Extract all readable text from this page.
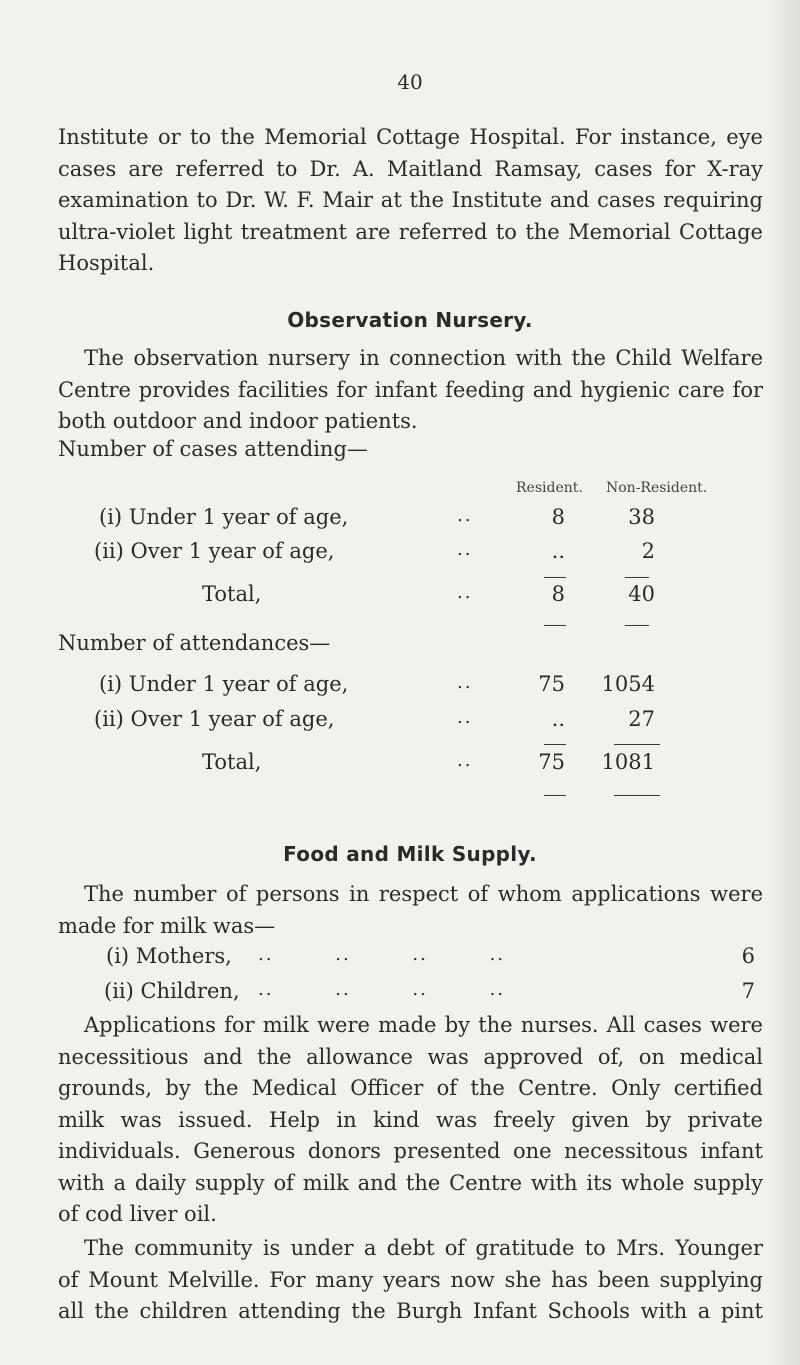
40
Institute or to the Memorial Cottage Hospital. For instance, eye
cases are referred to Dr. A. Maitland Ramsay, cases for X-ray
examination to Dr. W. F. Mair at the Institute and cases requiring
ultra-violet light treatment are referred to the Memorial Cottage
Hospital.
Observation Nursery.
The observation nursery in connection with the Child Welfare
Centre provides facilities for infant feeding and hygienic care for
both outdoor and indoor patients.
Number of cases attending—
Resident. Non-Resident.
(i) Under 1 year of age,	..	8	38
(ii) Over 1 year of age,	..	..	2
Total,	..	8	40
Number of attendances—
(i) Under 1 year of age,	..	75	1054
(ii) Over 1 year of age,	..	..	27
Total,	..	75	1081
Food and Milk Supply.
The number of persons in respect of whom applications were
made for milk was—
(i) Mothers, ..        ..        ..        ..	6
(ii) Children, ..        ..        ..        ..	7
Applications for milk were made by the nurses. All cases were
necessitious and the allowance was approved of, on medical
grounds, by the Medical Officer of the Centre. Only certified
milk was issued. Help in kind was freely given by private
individuals. Generous donors presented one necessitous infant
with a daily supply of milk and the Centre with its whole supply
of cod liver oil.
The community is under a debt of gratitude to Mrs. Younger
of Mount Melville. For many years now she has been supplying
all the children attending the Burgh Infant Schools with a pint
